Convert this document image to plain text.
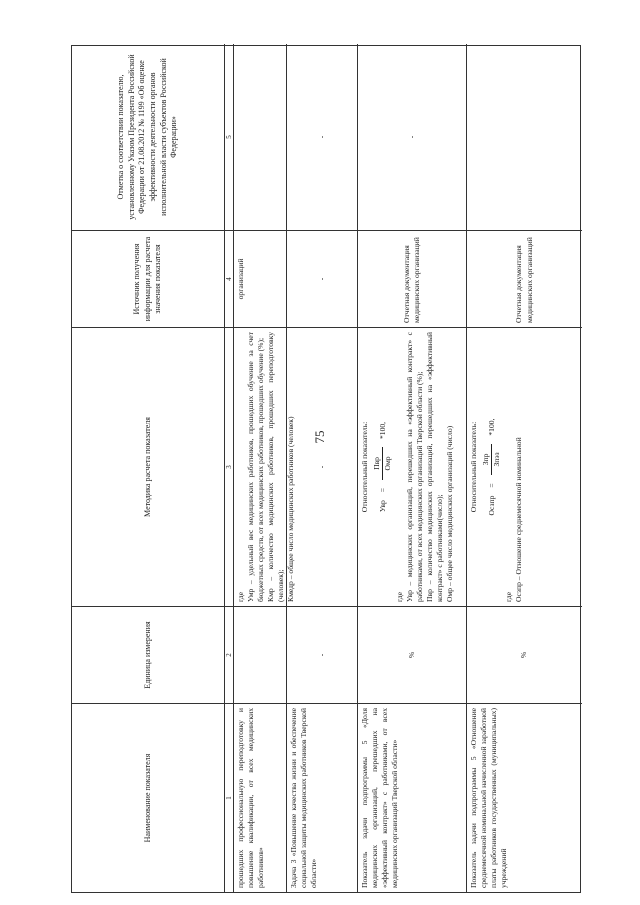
75
Наименование показателя
Единица измерения
Методика расчета показателя
Источник получения информации для расчета значения показателя
Отметка о соответствии показателю, установленному Указом Президента Российской Федерации от 21.08.2012 № 1199 «Об оценке эффективности деятельности органов исполнительной власти субъектов Российской Федерации»
1
2
3
4
5
прошедших профессиональную переподготовку и повышение квалификации, от всех медицинских работников»
где Умр – удельный вес медицинских работников, прошедших обучение за счет бюджетных средств, от всех медицинских работников, прошедших обучение (%); Кмр – количество медицинских работников, прошедших переподготовку (человек); Кмедр – общее число медицинских работников (человек)
организаций
Задача 3 «Повышение качества жизни и обеспечение социальной защиты медицинских работников Тверской области»
-
-
-
-
Показатель задачи подпрограммы 5 «Доля медицинских организаций, перешедших на «эффективный контракт» с работниками, от всех медицинских организаций Тверской области»
%
Относительный показатель: Увр
=
Пвр Омр
*100,
где Увр – медицинских организаций, перешедших на «эффективный контракт» с работниками, от всех медицинских организаций Тверской области (%); Пвр – количество медицинских организаций, перешедших на «эффективный контракт» с работниками(число); Омр – общее число медицинских организаций (число)
Отчетная документация медицинских организаций
-
Показатель задачи подпрограммы 5 «Отношение среднемесячной номинальной начисленной заработной платы работников государственных (муниципальных) учреждений
%
Относительный показатель: Осзпр
=
Зпр Зпэз
*100,
где Осзпр – Отношение среднемесячной номинальной
Отчетная документация медицинских организаций
